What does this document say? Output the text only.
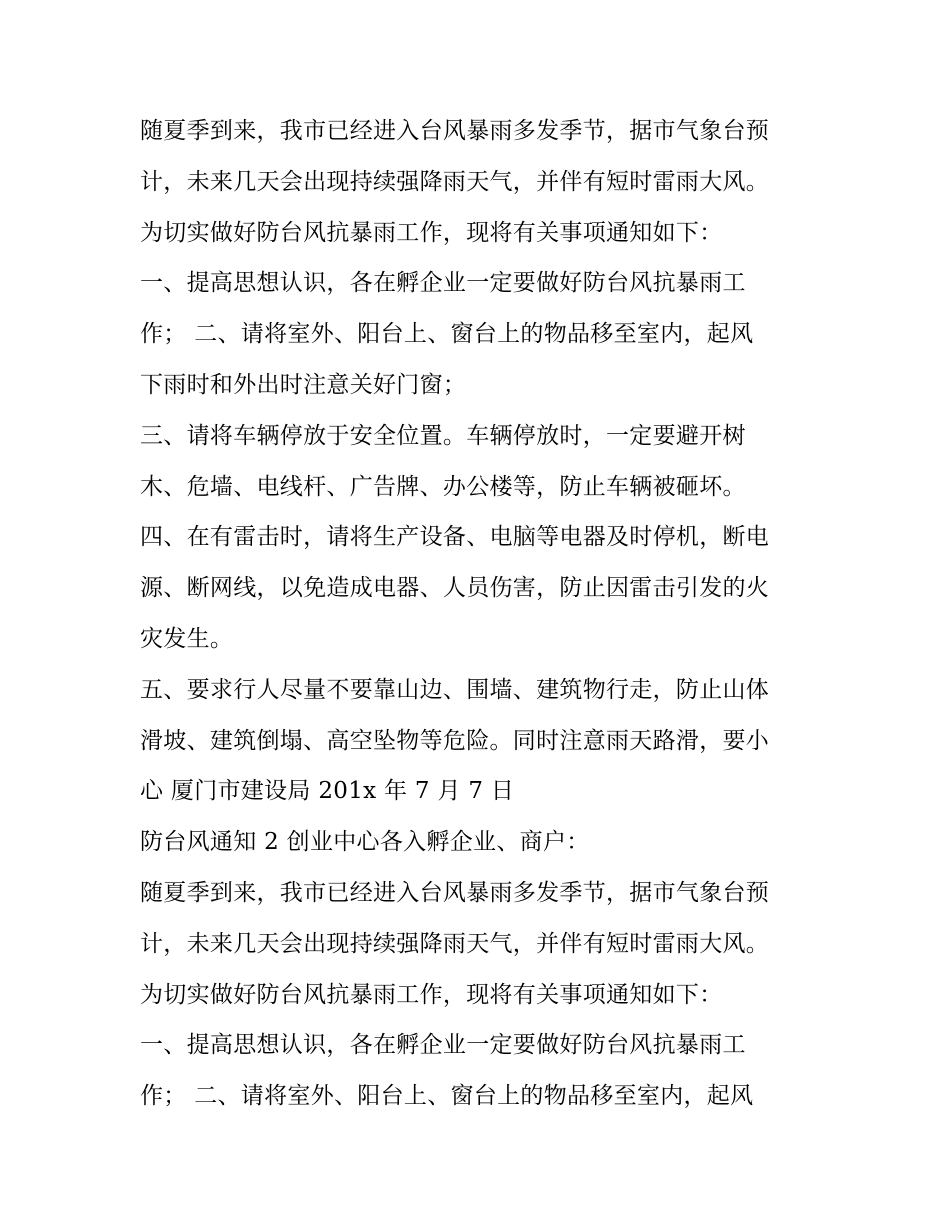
随夏季到来，我市已经进入台风暴雨多发季节，据市气象台预
计，未来几天会出现持续强降雨天气，并伴有短时雷雨大风。
为切实做好防台风抗暴雨工作，现将有关事项通知如下：
一、提高思想认识，各在孵企业一定要做好防台风抗暴雨工
作； 二、请将室外、阳台上、窗台上的物品移至室内，起风
下雨时和外出时注意关好门窗；
三、请将车辆停放于安全位置。车辆停放时，一定要避开树
木、危墙、电线杆、广告牌、办公楼等，防止车辆被砸坏。
四、在有雷击时，请将生产设备、电脑等电器及时停机，断电
源、断网线，以免造成电器、人员伤害，防止因雷击引发的火
灾发生。
五、要求行人尽量不要靠山边、围墙、建筑物行走，防止山体
滑坡、建筑倒塌、高空坠物等危险。同时注意雨天路滑，要小
心 厦门市建设局 201x 年 7 月 7 日
防台风通知 2 创业中心各入孵企业、商户：
随夏季到来，我市已经进入台风暴雨多发季节，据市气象台预
计，未来几天会出现持续强降雨天气，并伴有短时雷雨大风。
为切实做好防台风抗暴雨工作，现将有关事项通知如下：
一、提高思想认识，各在孵企业一定要做好防台风抗暴雨工
作； 二、请将室外、阳台上、窗台上的物品移至室内，起风
